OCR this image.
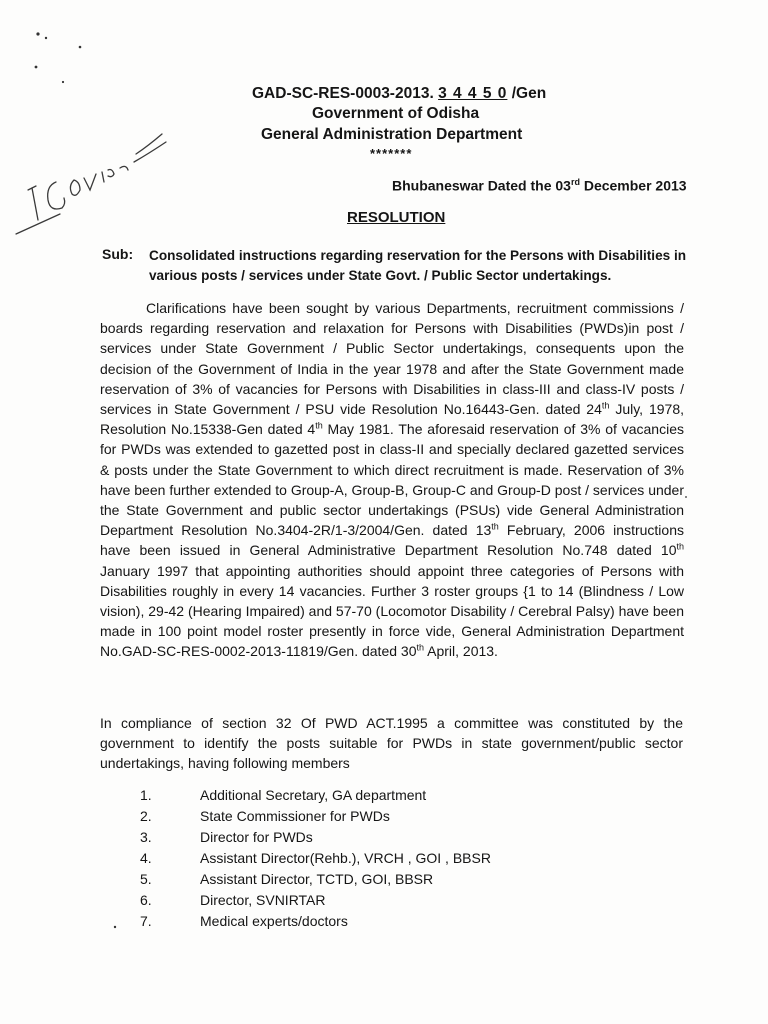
GAD-SC-RES-0003-2013. 3 4 4 5 0 /Gen
Government of Odisha
General Administration Department
*******
Bhubaneswar Dated the 03rd December 2013
RESOLUTION
Sub: Consolidated instructions regarding reservation for the Persons with Disabilities in various posts / services under State Govt. / Public Sector undertakings.
Clarifications have been sought by various Departments, recruitment commissions / boards regarding reservation and relaxation for Persons with Disabilities (PWDs)in post / services under State Government / Public Sector undertakings, consequents upon the decision of the Government of India in the year 1978 and after the State Government made reservation of 3% of vacancies for Persons with Disabilities in class-III and class-IV posts / services in State Government / PSU vide Resolution No.16443-Gen. dated 24th July, 1978, Resolution No.15338-Gen dated 4th May 1981. The aforesaid reservation of 3% of vacancies for PWDs was extended to gazetted post in class-II and specially declared gazetted services & posts under the State Government to which direct recruitment is made. Reservation of 3% have been further extended to Group-A, Group-B, Group-C and Group-D post / services under the State Government and public sector undertakings (PSUs) vide General Administration Department Resolution No.3404-2R/1-3/2004/Gen. dated 13th February, 2006 instructions have been issued in General Administrative Department Resolution No.748 dated 10th January 1997 that appointing authorities should appoint three categories of Persons with Disabilities roughly in every 14 vacancies. Further 3 roster groups {1 to 14 (Blindness / Low vision), 29-42 (Hearing Impaired) and 57-70 (Locomotor Disability / Cerebral Palsy) have been made in 100 point model roster presently in force vide, General Administration Department No.GAD-SC-RES-0002-2013-11819/Gen. dated 30th April, 2013.
In compliance of section 32 Of PWD ACT.1995 a committee was constituted by the government to identify the posts suitable for PWDs in state government/public sector undertakings, having following members
1.	Additional Secretary, GA department
2.	State Commissioner for PWDs
3.	Director for PWDs
4.	Assistant Director(Rehb.), VRCH , GOI , BBSR
5.	Assistant Director, TCTD, GOI, BBSR
6.	Director, SVNIRTAR
7.	Medical experts/doctors
